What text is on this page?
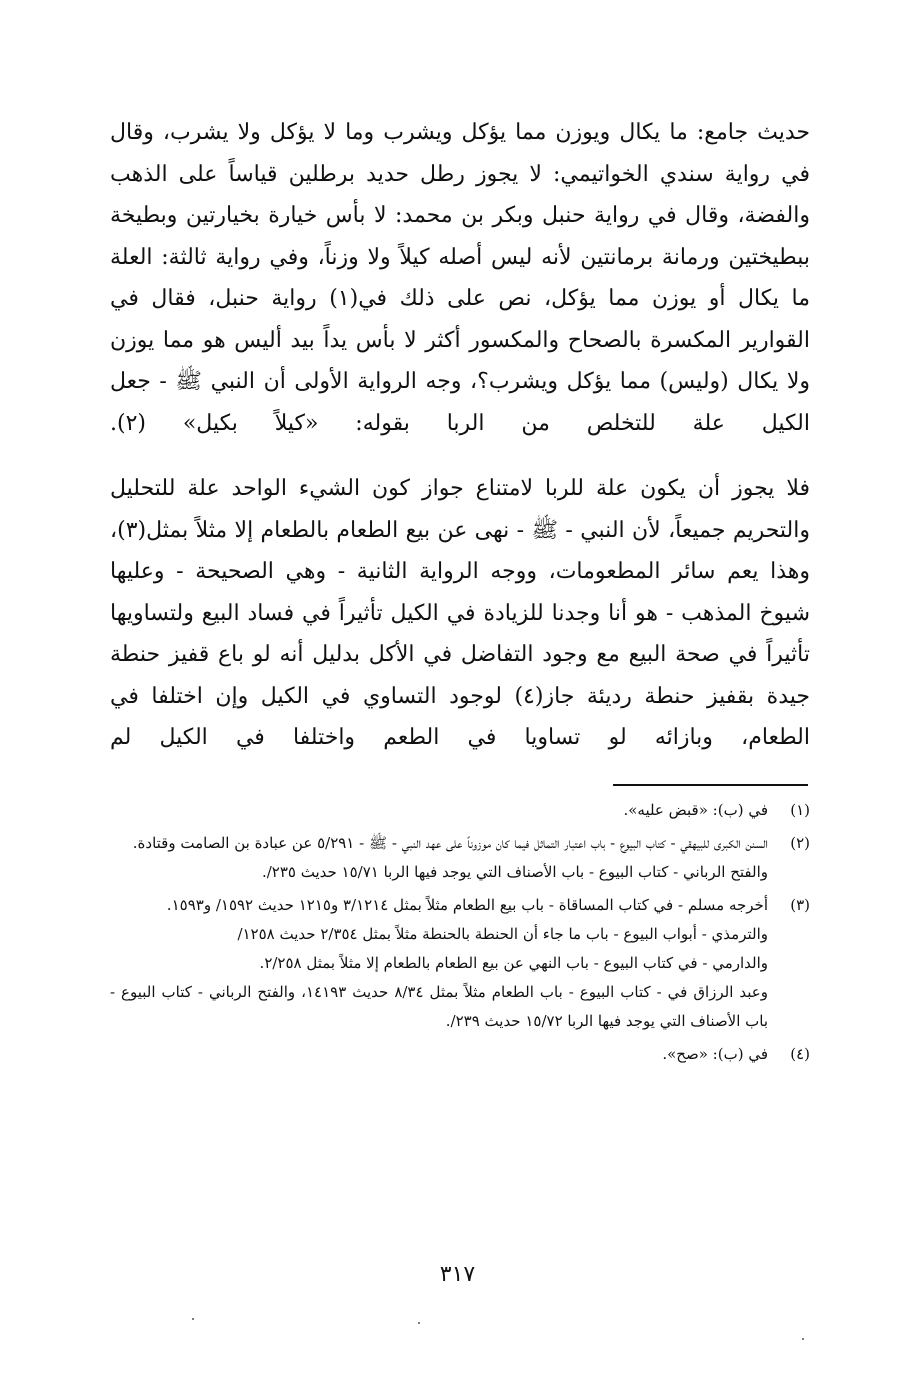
حديث جامع: ما يكال ويوزن مما يؤكل ويشرب وما لا يؤكل ولا يشرب، وقال في رواية سندي الخواتيمي: لا يجوز رطل حديد برطلين قياساً على الذهب والفضة، وقال في رواية حنبل وبكر بن محمد: لا بأس خيارة بخيارتين وبطيخة ببطيختين ورمانة برمانتين لأنه ليس أصله كيلاً ولا وزناً، وفي رواية ثالثة: العلة ما يكال أو يوزن مما يؤكل، نص على ذلك في(١) رواية حنبل، فقال في القوارير المكسرة بالصحاح والمكسور أكثر لا بأس يداً بيد أليس هو مما يوزن ولا يكال (وليس) مما يؤكل ويشرب؟، وجه الرواية الأولى أن النبي ﷺ - جعل الكيل علة للتخلص من الربا بقوله: «كيلاً بكيل» (٢).

فلا يجوز أن يكون علة للربا لامتناع جواز كون الشيء الواحد علة للتحليل والتحريم جميعاً، لأن النبي - ﷺ - نهى عن بيع الطعام بالطعام إلا مثلاً بمثل(٣)، وهذا يعم سائر المطعومات، ووجه الرواية الثانية - وهي الصحيحة - وعليها شيوخ المذهب - هو أنا وجدنا للزيادة في الكيل تأثيراً في فساد البيع ولتساويها تأثيراً في صحة البيع مع وجود التفاضل في الأكل بدليل أنه لو باع قفيز حنطة جيدة بقفيز حنطة رديئة جاز(٤) لوجود التساوي في الكيل وإن اختلفا في الطعام، وبازائه لو تساويا في الطعم واختلفا في الكيل لم

(١)
في (ب): «قبض عليه».
(٢)
السنن الكبرى للبيهقي - كتاب البيوع - باب اعتبار التماثل فيما كان موزوناً على عهد النبي - ﷺ - ٥/٢٩١ عن عبادة بن الصامت وقتادة.
والفتح الرباني - كتاب البيوع - باب الأصناف التي يوجد فيها الربا ١٥/٧١ حديث ٢٣٥/.
(٣)
أخرجه مسلم - في كتاب المساقاة - باب بيع الطعام مثلاً بمثل ٣/١٢١٤ و١٢١٥ حديث ١٥٩٢/ و١٥٩٣.
والترمذي - أبواب البيوع - باب ما جاء أن الحنطة بالحنطة مثلاً بمثل ٢/٣٥٤ حديث ١٢٥٨/
والدارمي - في كتاب البيوع - باب النهي عن بيع الطعام بالطعام إلا مثلاً بمثل ٢/٢٥٨.
وعبد الرزاق في - كتاب البيوع - باب الطعام مثلاً بمثل ٨/٣٤ حديث ١٤١٩٣، والفتح الرباني - كتاب البيوع - باب الأصناف التي يوجد فيها الربا ١٥/٧٢ حديث ٢٣٩/.
(٤)
في (ب): «صح».
٣١٧
